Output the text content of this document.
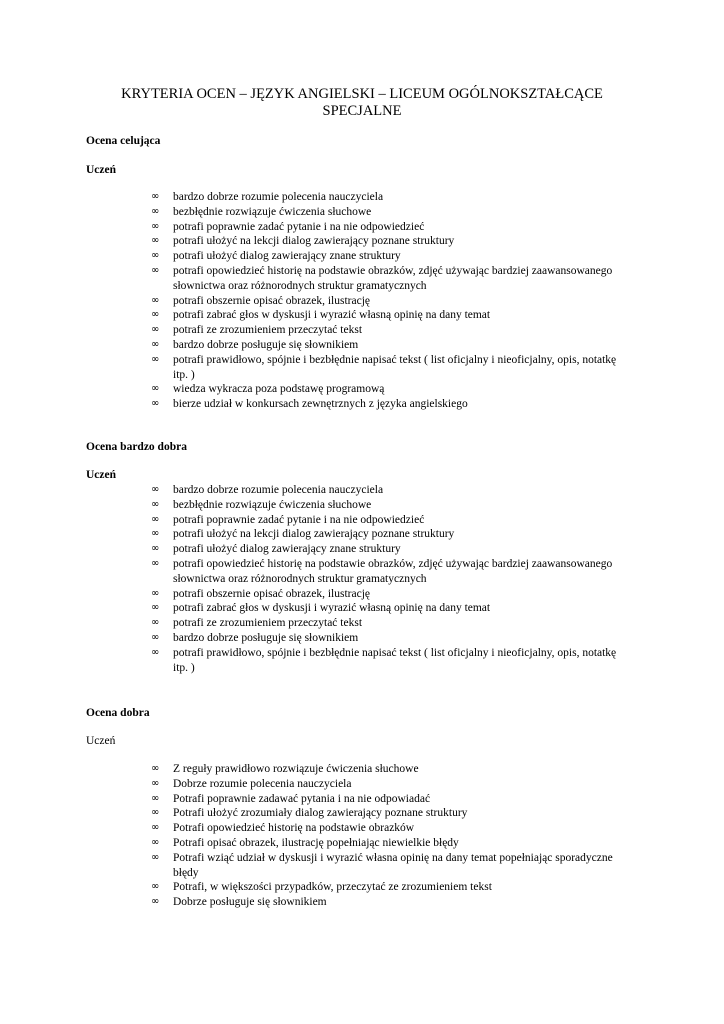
KRYTERIA OCEN – JĘZYK ANGIELSKI – LICEUM OGÓLNOKSZTAŁCĄCE
SPECJALNE
Ocena celująca
Uczeń
∞ bardzo dobrze rozumie polecenia nauczyciela
∞ bezbłędnie rozwiązuje ćwiczenia słuchowe
∞ potrafi poprawnie zadać pytanie i na nie odpowiedzieć
∞ potrafi ułożyć na lekcji dialog zawierający poznane struktury
∞ potrafi ułożyć dialog zawierający znane struktury
∞ potrafi opowiedzieć historię na podstawie obrazków, zdjęć używając bardziej zaawansowanego słownictwa oraz różnorodnych struktur gramatycznych
∞ potrafi obszernie opisać obrazek, ilustrację
∞ potrafi zabrać głos w dyskusji i wyrazić własną opinię na dany temat
∞ potrafi ze zrozumieniem przeczytać tekst
∞ bardzo dobrze posługuje się słownikiem
∞ potrafi prawidłowo, spójnie i bezbłędnie napisać tekst ( list oficjalny i nieoficjalny, opis, notatkę itp. )
∞ wiedza wykracza poza podstawę programową
∞ bierze udział w konkursach zewnętrznych z języka angielskiego
Ocena bardzo dobra
Uczeń
∞ bardzo dobrze rozumie polecenia nauczyciela
∞ bezbłędnie rozwiązuje ćwiczenia słuchowe
∞ potrafi poprawnie zadać pytanie i na nie odpowiedzieć
∞ potrafi ułożyć na lekcji dialog zawierający poznane struktury
∞ potrafi ułożyć dialog zawierający znane struktury
∞ potrafi opowiedzieć historię na podstawie obrazków, zdjęć używając bardziej zaawansowanego słownictwa oraz różnorodnych struktur gramatycznych
∞ potrafi obszernie opisać obrazek, ilustrację
∞ potrafi zabrać głos w dyskusji i wyrazić własną opinię na dany temat
∞ potrafi ze zrozumieniem przeczytać tekst
∞ bardzo dobrze posługuje się słownikiem
∞ potrafi prawidłowo, spójnie i bezbłędnie napisać tekst ( list oficjalny i nieoficjalny, opis, notatkę itp. )
Ocena dobra
Uczeń
∞ Z reguły prawidłowo rozwiązuje ćwiczenia słuchowe
∞ Dobrze rozumie polecenia nauczyciela
∞ Potrafi poprawnie zadawać pytania i na nie odpowiadać
∞ Potrafi ułożyć zrozumiały dialog zawierający poznane struktury
∞ Potrafi opowiedzieć historię na podstawie obrazków
∞ Potrafi opisać obrazek, ilustrację popełniając niewielkie błędy
∞ Potrafi wziąć udział w dyskusji i wyrazić własna opinię na dany temat popełniając sporadyczne błędy
∞ Potrafi, w większości przypadków, przeczytać ze zrozumieniem tekst
∞ Dobrze posługuje się słownikiem
